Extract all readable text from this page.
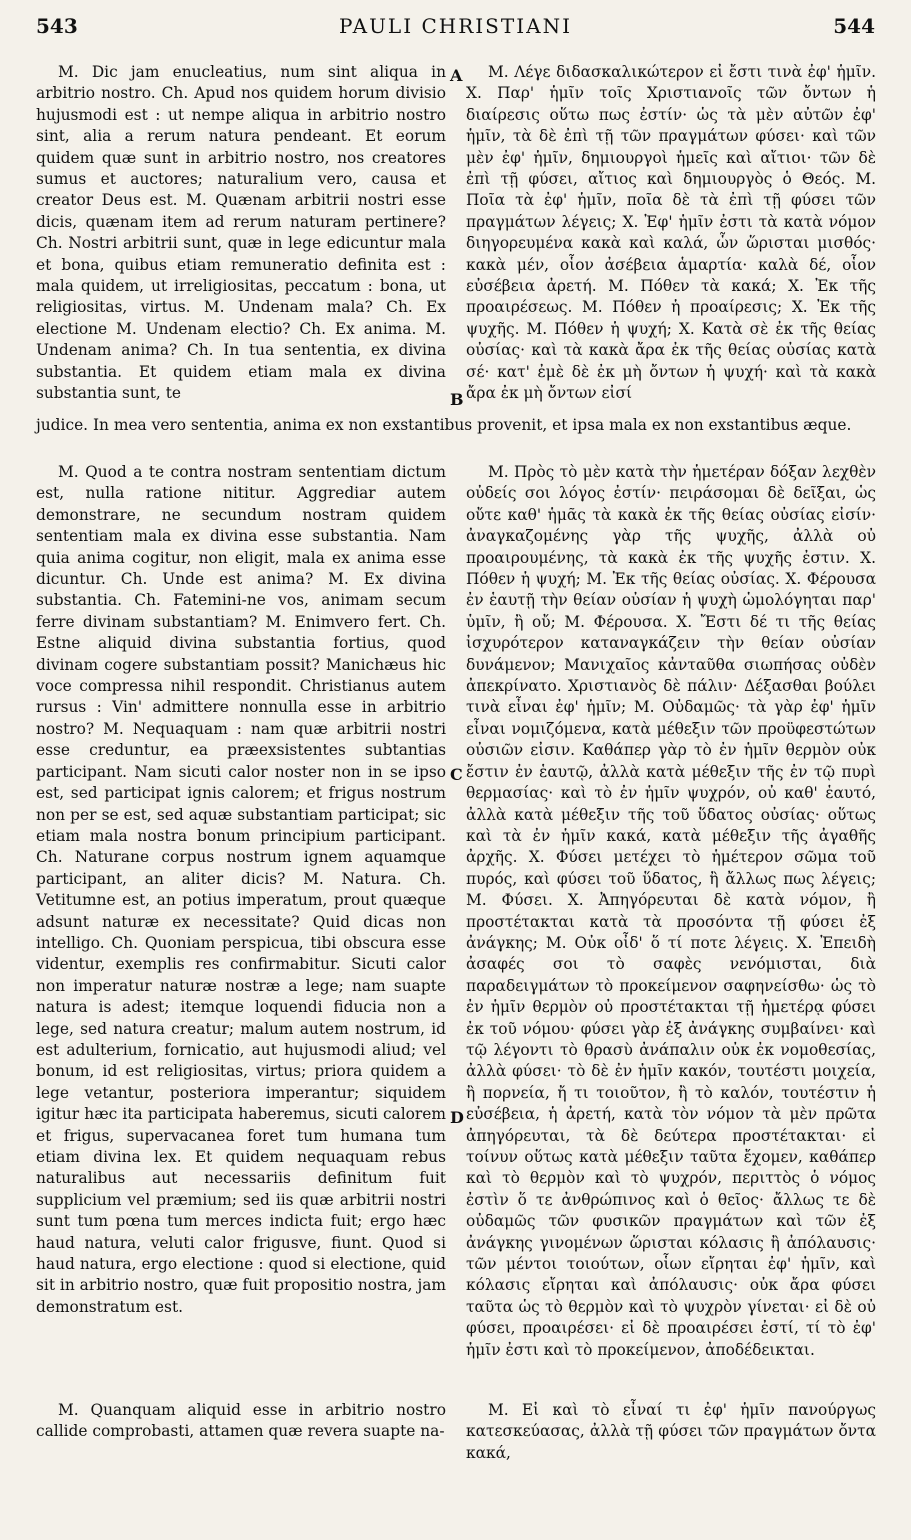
543	PAULI CHRISTIANI	544
A
B
C
D

M. Dic jam enucleatius, num sint aliqua in arbitrio nostro. Ch. Apud nos quidem horum divisio hujusmodi est : ut nempe aliqua in arbitrio nostro sint, alia a rerum natura pendeant. Et eorum quidem quæ sunt in arbitrio nostro, nos creatores sumus et auctores; naturalium vero, causa et creator Deus est. M. Quænam arbitrii nostri esse dicis, quænam item ad rerum naturam pertinere? Ch. Nostri arbitrii sunt, quæ in lege edicuntur mala et bona, quibus etiam remuneratio definita est : mala quidem, ut irreligiositas, peccatum : bona, ut religiositas, virtus. M. Undenam mala? Ch. Ex electione M. Undenam electio? Ch. Ex anima. M. Undenam anima? Ch. In tua sententia, ex divina substantia. Et quidem etiam mala ex divina substantia sunt, te

M. Λέγε διδασκαλικώτερον εἰ ἔστι τινὰ ἐφ' ἡμῖν. Χ. Παρ' ἡμῖν τοῖς Χριστιανοῖς τῶν ὄντων ἡ διαίρεσις οὕτω πως ἐστίν· ὡς τὰ μὲν αὐτῶν ἐφ' ἡμῖν, τὰ δὲ ἐπὶ τῇ τῶν πραγμάτων φύσει· καὶ τῶν μὲν ἐφ' ἡμῖν, δημιουργοὶ ἡμεῖς καὶ αἴτιοι· τῶν δὲ ἐπὶ τῇ φύσει, αἴτιος καὶ δημιουργὸς ὁ Θεός. Μ. Ποῖα τὰ ἐφ' ἡμῖν, ποῖα δὲ τὰ ἐπὶ τῇ φύσει τῶν πραγμάτων λέγεις; Χ. Ἐφ' ἡμῖν ἐστι τὰ κατὰ νόμον διηγορευμένα κακὰ καὶ καλά, ὧν ὥρισται μισθός· κακὰ μέν, οἷον ἀσέβεια ἁμαρτία· καλὰ δέ, οἷον εὐσέβεια ἀρετή. Μ. Πόθεν τὰ κακά; Χ. Ἐκ τῆς προαιρέσεως. Μ. Πόθεν ἡ προαίρεσις; Χ. Ἐκ τῆς ψυχῆς. Μ. Πόθεν ἡ ψυχή; Χ. Κατὰ σὲ ἐκ τῆς θείας οὐσίας· καὶ τὰ κακὰ ἄρα ἐκ τῆς θείας οὐσίας κατὰ σέ· κατ' ἐμὲ δὲ ἐκ μὴ ὄντων ἡ ψυχή· καὶ τὰ κακὰ ἄρα ἐκ μὴ ὄντων εἰσί

judice. In mea vero sententia, anima ex non exstantibus provenit, et ipsa mala ex non exstantibus æque.

M. Quod a te contra nostram sententiam dictum est, nulla ratione nititur. Aggrediar autem demonstrare, ne secundum nostram quidem sententiam mala ex divina esse substantia. Nam quia anima cogitur, non eligit, mala ex anima esse dicuntur. Ch. Unde est anima? M. Ex divina substantia. Ch. Fatemini-ne vos, animam secum ferre divinam substantiam? M. Enimvero fert. Ch. Estne aliquid divina substantia fortius, quod divinam cogere substantiam possit? Manichæus hic voce compressa nihil respondit. Christianus autem rursus : Vin' admittere nonnulla esse in arbitrio nostro? M. Nequaquam : nam quæ arbitrii nostri esse creduntur, ea præexsistentes subtantias participant. Nam sicuti calor noster non in se ipso est, sed participat ignis calorem; et frigus nostrum non per se est, sed aquæ substantiam participat; sic etiam mala nostra bonum principium participant. Ch. Naturane corpus nostrum ignem aquamque participant, an aliter dicis? M. Natura. Ch. Vetitumne est, an potius imperatum, prout quæque adsunt naturæ ex necessitate? Quid dicas non intelligo. Ch. Quoniam perspicua, tibi obscura esse videntur, exemplis res confirmabitur. Sicuti calor non imperatur naturæ nostræ a lege; nam suapte natura is adest; itemque loquendi fiducia non a lege, sed natura creatur; malum autem nostrum, id est adulterium, fornicatio, aut hujusmodi aliud; vel bonum, id est religiositas, virtus; priora quidem a lege vetantur, posteriora imperantur; siquidem igitur hæc ita participata haberemus, sicuti calorem et frigus, supervacanea foret tum humana tum etiam divina lex. Et quidem nequaquam rebus naturalibus aut necessariis definitum fuit supplicium vel præmium; sed iis quæ arbitrii nostri sunt tum pœna tum merces indicta fuit; ergo hæc haud natura, veluti calor frigusve, fiunt. Quod si haud natura, ergo electione : quod si electione, quid sit in arbitrio nostro, quæ fuit propositio nostra, jam demonstratum est.

M. Πρὸς τὸ μὲν κατὰ τὴν ἡμετέραν δόξαν λεχθὲν οὐδείς σοι λόγος ἐστίν· πειράσομαι δὲ δεῖξαι, ὡς οὔτε καθ' ἡμᾶς τὰ κακὰ ἐκ τῆς θείας οὐσίας εἰσίν· ἀναγκαζομένης γὰρ τῆς ψυχῆς, ἀλλὰ οὐ προαιρουμένης, τὰ κακὰ ἐκ τῆς ψυχῆς ἐστιν. Χ. Πόθεν ἡ ψυχή; Μ. Ἐκ τῆς θείας οὐσίας. Χ. Φέρουσα ἐν ἑαυτῇ τὴν θείαν οὐσίαν ἡ ψυχὴ ὡμολόγηται παρ' ὑμῖν, ἢ οὔ; Μ. Φέρουσα. Χ. Ἔστι δέ τι τῆς θείας ἰσχυρότερον καταναγκάζειν τὴν θείαν οὐσίαν δυνάμενον; Μανιχαῖος κἀνταῦθα σιωπήσας οὐδὲν ἀπεκρίνατο. Χριστιανὸς δὲ πάλιν· Δέξασθαι βούλει τινὰ εἶναι ἐφ' ἡμῖν; Μ. Οὐδαμῶς· τὰ γὰρ ἐφ' ἡμῖν εἶναι νομιζόμενα, κατὰ μέθεξιν τῶν προϋφεστώτων οὐσιῶν εἰσιν. Καθάπερ γὰρ τὸ ἐν ἡμῖν θερμὸν οὐκ ἔστιν ἐν ἑαυτῷ, ἀλλὰ κατὰ μέθεξιν τῆς ἐν τῷ πυρὶ θερμασίας· καὶ τὸ ἐν ἡμῖν ψυχρόν, οὐ καθ' ἑαυτό, ἀλλὰ κατὰ μέθεξιν τῆς τοῦ ὕδατος οὐσίας· οὕτως καὶ τὰ ἐν ἡμῖν κακά, κατὰ μέθεξιν τῆς ἀγαθῆς ἀρχῆς. Χ. Φύσει μετέχει τὸ ἡμέτερον σῶμα τοῦ πυρός, καὶ φύσει τοῦ ὕδατος, ἢ ἄλλως πως λέγεις; Μ. Φύσει. Χ. Ἀπηγόρευται δὲ κατὰ νόμον, ἢ προστέτακται κατὰ τὰ προσόντα τῇ φύσει ἐξ ἀνάγκης; Μ. Οὐκ οἶδ' ὅ τί ποτε λέγεις. Χ. Ἐπειδὴ ἀσαφές σοι τὸ σαφὲς νενόμισται, διὰ παραδειγμάτων τὸ προκείμενον σαφηνείσθω· ὡς τὸ ἐν ἡμῖν θερμὸν οὐ προστέτακται τῇ ἡμετέρᾳ φύσει ἐκ τοῦ νόμου· φύσει γὰρ ἐξ ἀνάγκης συμβαίνει· καὶ τῷ λέγοντι τὸ θρασὺ ἀνάπαλιν οὐκ ἐκ νομοθεσίας, ἀλλὰ φύσει· τὸ δὲ ἐν ἡμῖν κακόν, τουτέστι μοιχεία, ἢ πορνεία, ἤ τι τοιοῦτον, ἢ τὸ καλόν, τουτέστιν ἡ εὐσέβεια, ἡ ἀρετή, κατὰ τὸν νόμον τὰ μὲν πρῶτα ἀπηγόρευται, τὰ δὲ δεύτερα προστέτακται· εἰ τοίνυν οὕτως κατὰ μέθεξιν ταῦτα ἔχομεν, καθάπερ καὶ τὸ θερμὸν καὶ τὸ ψυχρόν, περιττὸς ὁ νόμος ἐστὶν ὅ τε ἀνθρώπινος καὶ ὁ θεῖος· ἄλλως τε δὲ οὐδαμῶς τῶν φυσικῶν πραγμάτων καὶ τῶν ἐξ ἀνάγκης γινομένων ὥρισται κόλασις ἢ ἀπόλαυσις· τῶν μέντοι τοιούτων, οἷων εἴρηται ἐφ' ἡμῖν, καὶ κόλασις εἴρηται καὶ ἀπόλαυσις· οὐκ ἄρα φύσει ταῦτα ὡς τὸ θερμὸν καὶ τὸ ψυχρὸν γίνεται· εἰ δὲ οὐ φύσει, προαιρέσει· εἰ δὲ προαιρέσει ἐστί, τί τὸ ἐφ' ἡμῖν ἐστι καὶ τὸ προκείμενον, ἀποδέδεικται.

M. Quanquam aliquid esse in arbitrio nostro callide comprobasti, attamen quæ revera suapte na-

M. Εἰ καὶ τὸ εἶναί τι ἐφ' ἡμῖν πανούργως κατεσκεύασας, ἀλλὰ τῇ φύσει τῶν πραγμάτων ὄντα κακά,
